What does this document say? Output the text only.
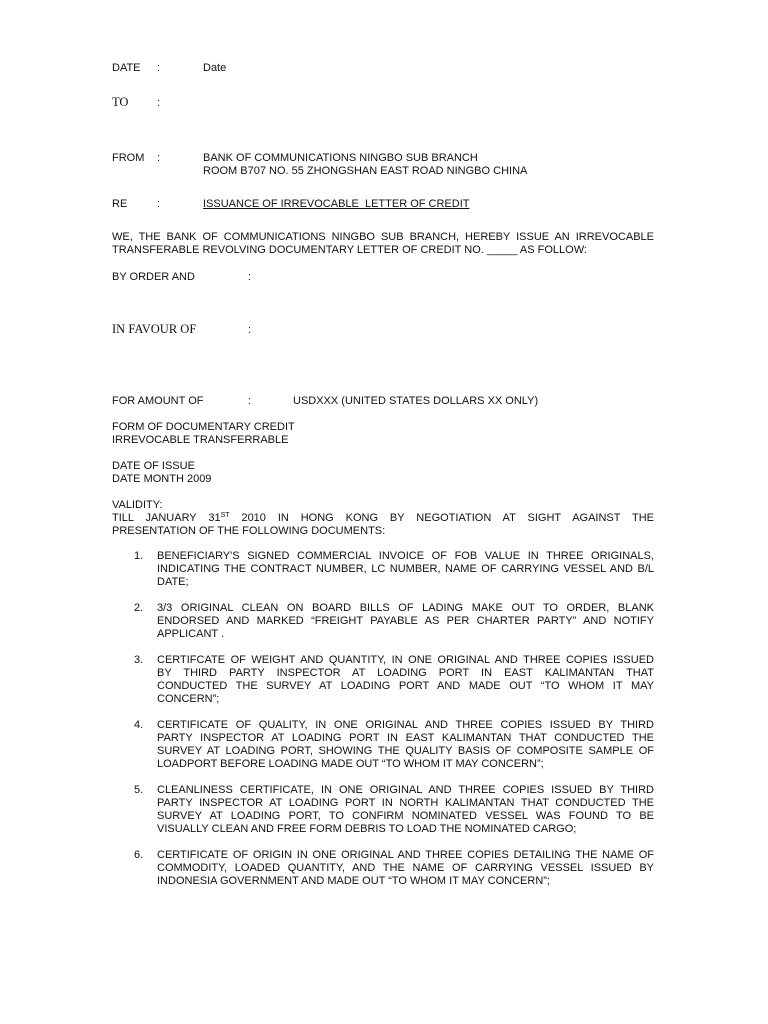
DATE :	Date
TO	:
FROM :	BANK OF COMMUNICATIONS NINGBO SUB BRANCH
ROOM B707 NO. 55 ZHONGSHAN EAST ROAD NINGBO CHINA
RE	:	ISSUANCE OF IRREVOCABLE  LETTER OF CREDIT
WE, THE BANK OF COMMUNICATIONS NINGBO SUB BRANCH, HEREBY ISSUE AN IRREVOCABLE
TRANSFERABLE REVOLVING DOCUMENTARY LETTER OF CREDIT NO. _____ AS FOLLOW:
BY ORDER AND	:
IN FAVOUR OF	:
FOR AMOUNT OF	:	USDXXX (UNITED STATES DOLLARS XX ONLY)
FORM OF DOCUMENTARY CREDIT
IRREVOCABLE TRANSFERRABLE
DATE OF ISSUE
DATE MONTH 2009
VALIDITY:
TILL JANUARY 31ST 2010 IN HONG KONG BY NEGOTIATION AT SIGHT AGAINST THE
PRESENTATION OF THE FOLLOWING DOCUMENTS:
1.	BENEFICIARY'S SIGNED COMMERCIAL INVOICE OF FOB VALUE IN THREE ORIGINALS,
INDICATING THE CONTRACT NUMBER, LC NUMBER, NAME OF CARRYING VESSEL AND B/L
DATE;
2.	3/3 ORIGINAL CLEAN ON BOARD BILLS OF LADING MAKE OUT TO ORDER, BLANK
ENDORSED AND MARKED “FREIGHT PAYABLE AS PER CHARTER PARTY” AND NOTIFY
APPLICANT .
3.	CERTIFCATE OF WEIGHT AND QUANTITY, IN ONE ORIGINAL AND THREE COPIES ISSUED
BY THIRD PARTY INSPECTOR AT LOADING PORT IN EAST KALIMANTAN THAT
CONDUCTED THE SURVEY AT LOADING PORT AND MADE OUT “TO WHOM IT MAY
CONCERN”;
4.	CERTIFICATE OF QUALITY, IN ONE ORIGINAL AND THREE COPIES ISSUED BY THIRD
PARTY INSPECTOR AT LOADING PORT IN EAST KALIMANTAN THAT CONDUCTED THE
SURVEY AT LOADING PORT, SHOWING THE QUALITY BASIS OF COMPOSITE SAMPLE OF
LOADPORT BEFORE LOADING MADE OUT “TO WHOM IT MAY CONCERN”;
5.	CLEANLINESS CERTIFICATE, IN ONE ORIGINAL AND THREE COPIES ISSUED BY THIRD
PARTY INSPECTOR AT LOADING PORT IN NORTH KALIMANTAN THAT CONDUCTED THE
SURVEY AT LOADING PORT, TO CONFIRM NOMINATED VESSEL WAS FOUND TO BE
VISUALLY CLEAN AND FREE FORM DEBRIS TO LOAD THE NOMINATED CARGO;
6.	CERTIFICATE OF ORIGIN IN ONE ORIGINAL AND THREE COPIES DETAILING THE NAME OF
COMMODITY, LOADED QUANTITY, AND THE NAME OF CARRYING VESSEL ISSUED BY
INDONESIA GOVERNMENT AND MADE OUT “TO WHOM IT MAY CONCERN”;
